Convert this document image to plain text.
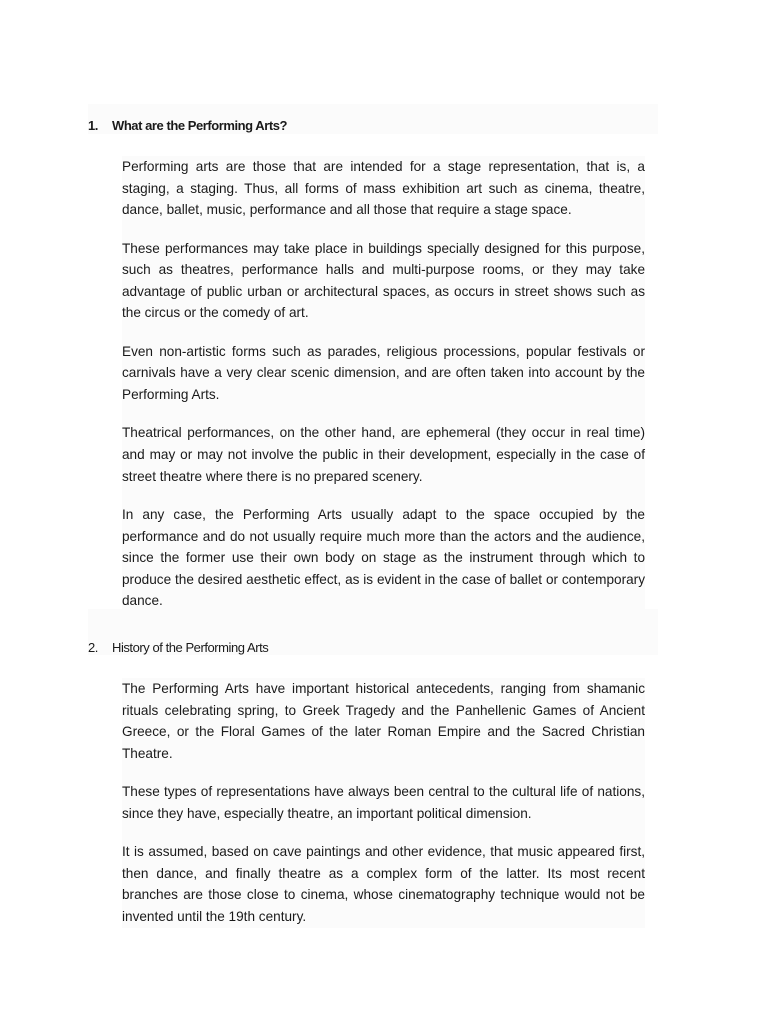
1. What are the Performing Arts?

Performing arts are those that are intended for a stage representation, that is, a staging, a staging. Thus, all forms of mass exhibition art such as cinema, theatre, dance, ballet, music, performance and all those that require a stage space.

These performances may take place in buildings specially designed for this purpose, such as theatres, performance halls and multi-purpose rooms, or they may take advantage of public urban or architectural spaces, as occurs in street shows such as the circus or the comedy of art.

Even non-artistic forms such as parades, religious processions, popular festivals or carnivals have a very clear scenic dimension, and are often taken into account by the Performing Arts.

Theatrical performances, on the other hand, are ephemeral (they occur in real time) and may or may not involve the public in their development, especially in the case of street theatre where there is no prepared scenery.

In any case, the Performing Arts usually adapt to the space occupied by the performance and do not usually require much more than the actors and the audience, since the former use their own body on stage as the instrument through which to produce the desired aesthetic effect, as is evident in the case of ballet or contemporary dance.

2. History of the Performing Arts

The Performing Arts have important historical antecedents, ranging from shamanic rituals celebrating spring, to Greek Tragedy and the Panhellenic Games of Ancient Greece, or the Floral Games of the later Roman Empire and the Sacred Christian Theatre.

These types of representations have always been central to the cultural life of nations, since they have, especially theatre, an important political dimension.

It is assumed, based on cave paintings and other evidence, that music appeared first, then dance, and finally theatre as a complex form of the latter. Its most recent branches are those close to cinema, whose cinematography technique would not be invented until the 19th century.
